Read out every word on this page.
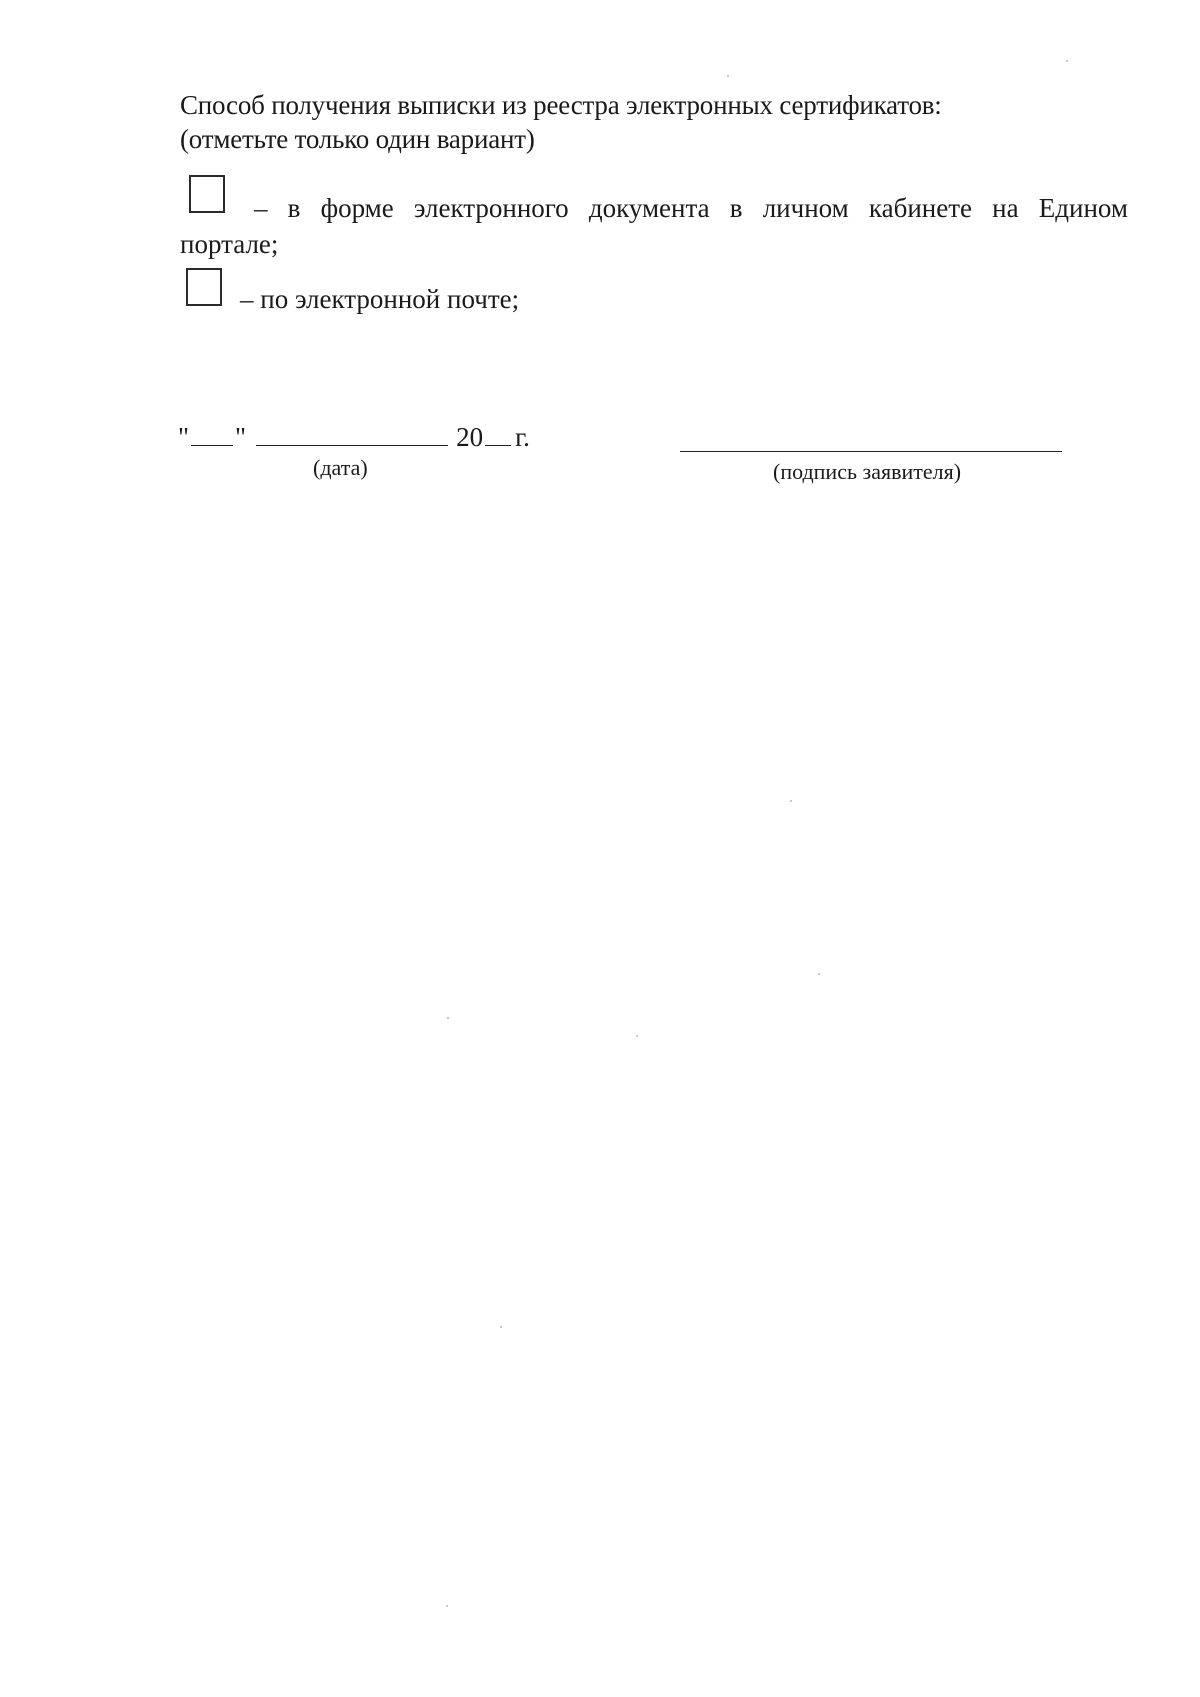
Способ получения выписки из реестра электронных сертификатов:
(отметьте только один вариант)
– в форме электронного документа в личном кабинете на Едином
портале;
– по электронной почте;
" "	20 г.
(дата)	(подпись заявителя)
